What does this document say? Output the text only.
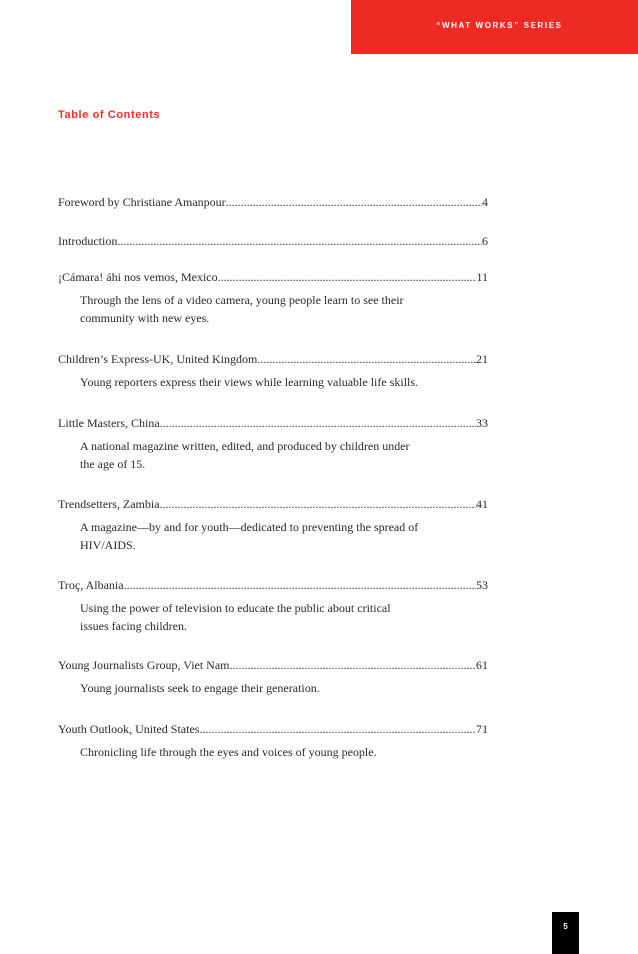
“WHAT WORKS” SERIES
Table of Contents
Foreword by Christiane Amanpour .....	4
Introduction .....	6
¡Cámara! áhi nos vemos, Mexico .....	11
Through the lens of a video camera, young people learn to see their community with new eyes.
Children’s Express-UK, United Kingdom .....	21
Young reporters express their views while learning valuable life skills.
Little Masters, China .....	33
A national magazine written, edited, and produced by children under the age of 15.
Trendsetters, Zambia .....	41
A magazine—by and for youth—dedicated to preventing the spread of HIV/AIDS.
Troç, Albania .....	53
Using the power of television to educate the public about critical issues facing children.
Young Journalists Group, Viet Nam .....	61
Young journalists seek to engage their generation.
Youth Outlook, United States .....	71
Chronicling life through the eyes and voices of young people.
5
